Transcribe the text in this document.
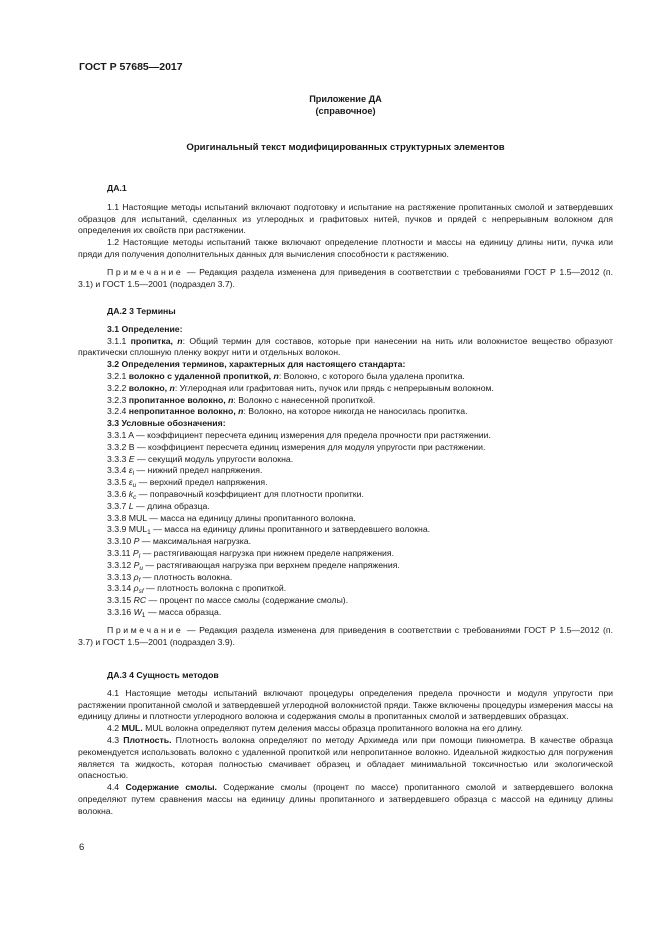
ГОСТ Р 57685—2017
Приложение ДА
(справочное)
Оригинальный текст модифицированных структурных элементов

ДА.1

1.1 Настоящие методы испытаний включают подготовку и испытание на растяжение пропитанных смолой и затвердевших образцов для испытаний, сделанных из углеродных и графитовых нитей, пучков и прядей с непрерывным волокном для определения их свойств при растяжении.

1.2 Настоящие методы испытаний также включают определение плотности и массы на единицу длины нити, пучка или пряди для получения дополнительных данных для вычисления способности к растяжению.

Примечание — Редакция раздела изменена для приведения в соответствии с требованиями ГОСТ Р 1.5—2012 (п. 3.1) и ГОСТ 1.5—2001 (подраздел 3.7).

ДА.2 3 Термины

3.1 Определение:

3.1.1 пропитка, n: Общий термин для составов, которые при нанесении на нить или волокнистое вещество образуют практически сплошную пленку вокруг нити и отдельных волокон.

3.2 Определения терминов, характерных для настоящего стандарта:

3.2.1 волокно с удаленной пропиткой, n: Волокно, с которого была удалена пропитка.

3.2.2 волокно, n: Углеродная или графитовая нить, пучок или прядь с непрерывным волокном.

3.2.3 пропитанное волокно, n: Волокно с нанесенной пропиткой.

3.2.4 непропитанное волокно, n: Волокно, на которое никогда не наносилась пропитка.

3.3 Условные обозначения:

3.3.1 A — коэффициент пересчета единиц измерения для предела прочности при растяжении.

3.3.2 B — коэффициент пересчета единиц измерения для модуля упругости при растяжении.

3.3.3 E — секущий модуль упругости волокна.

3.3.4 $\varepsilon_l$ — нижний предел напряжения.

3.3.5 $\varepsilon_u$ — верхний предел напряжения.

3.3.6 $k_c$ — поправочный коэффициент для плотности пропитки.

3.3.7 L — длина образца.

3.3.8 MUL — масса на единицу длины пропитанного волокна.

3.3.9 $MUL_1$ — масса на единицу длины пропитанного и затвердевшего волокна.

3.3.10 P — максимальная нагрузка.

3.3.11 $P_l$ — растягивающая нагрузка при нижнем пределе напряжения.

3.3.12 $P_u$ — растягивающая нагрузка при верхнем пределе напряжения.

3.3.13 $\rho_f$ — плотность волокна.

3.3.14 $\rho_{sf}$ — плотность волокна с пропиткой.

3.3.15 RC — процент по массе смолы (содержание смолы).

3.3.16 $W_1$ — масса образца.

Примечание — Редакция раздела изменена для приведения в соответствии с требованиями ГОСТ Р 1.5—2012 (п. 3.7) и ГОСТ 1.5—2001 (подраздел 3.9).

ДА.3 4 Сущность методов

4.1 Настоящие методы испытаний включают процедуры определения предела прочности и модуля упругости при растяжении пропитанной смолой и затвердевшей углеродной волокнистой пряди. Также включены процедуры измерения массы на единицу длины и плотности углеродного волокна и содержания смолы в пропитанных смолой и затвердевших образцах.

4.2 MUL. MUL волокна определяют путем деления массы образца пропитанного волокна на его длину.

4.3 Плотность. Плотность волокна определяют по методу Архимеда или при помощи пикнометра. В качестве образца рекомендуется использовать волокно с удаленной пропиткой или непропитанное волокно. Идеальной жидкостью для погружения является та жидкость, которая полностью смачивает образец и обладает минимальной токсичностью или экологической опасностью.

4.4 Содержание смолы. Содержание смолы (процент по массе) пропитанного смолой и затвердевшего волокна определяют путем сравнения массы на единицу длины пропитанного и затвердевшего образца с массой на единицу длины волокна.

6
